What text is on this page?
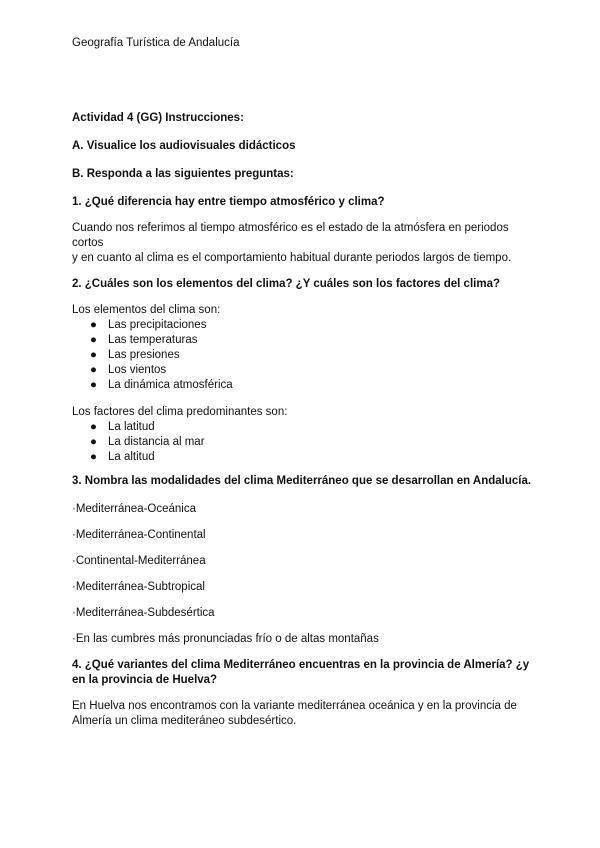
Geografía Turística de Andalucía

Actividad 4 (GG) Instrucciones:

A. Visualice los audiovisuales didácticos

B. Responda a las siguientes preguntas:

1. ¿Qué diferencia hay entre tiempo atmosférico y clima?

Cuando nos referimos al tiempo atmosférico es el estado de la atmósfera en periodos cortos

y en cuanto al clima es el comportamiento habitual durante periodos largos de tiempo.

2. ¿Cuáles son los elementos del clima? ¿Y cuáles son los factores del clima?

Los elementos del clima son:

● Las precipitaciones
● Las temperaturas
● Las presiones
● Los vientos
● La dinámica atmosférica

Los factores del clima predominantes son:

● La latitud
● La distancia al mar
● La altitud

3. Nombra las modalidades del clima Mediterráneo que se desarrollan en Andalucía.

·Mediterránea-Oceánica
·Mediterránea-Continental
·Continental-Mediterránea
·Mediterránea-Subtropical
·Mediterránea-Subdesértica
·En las cumbres más pronunciadas frío o de altas montañas

4. ¿Qué variantes del clima Mediterráneo encuentras en la provincia de Almería? ¿y

en la provincia de Huelva?

En Huelva nos encontramos con la variante mediterránea oceánica y en la provincia de

Almería un clima mediteráneo subdesértico.
